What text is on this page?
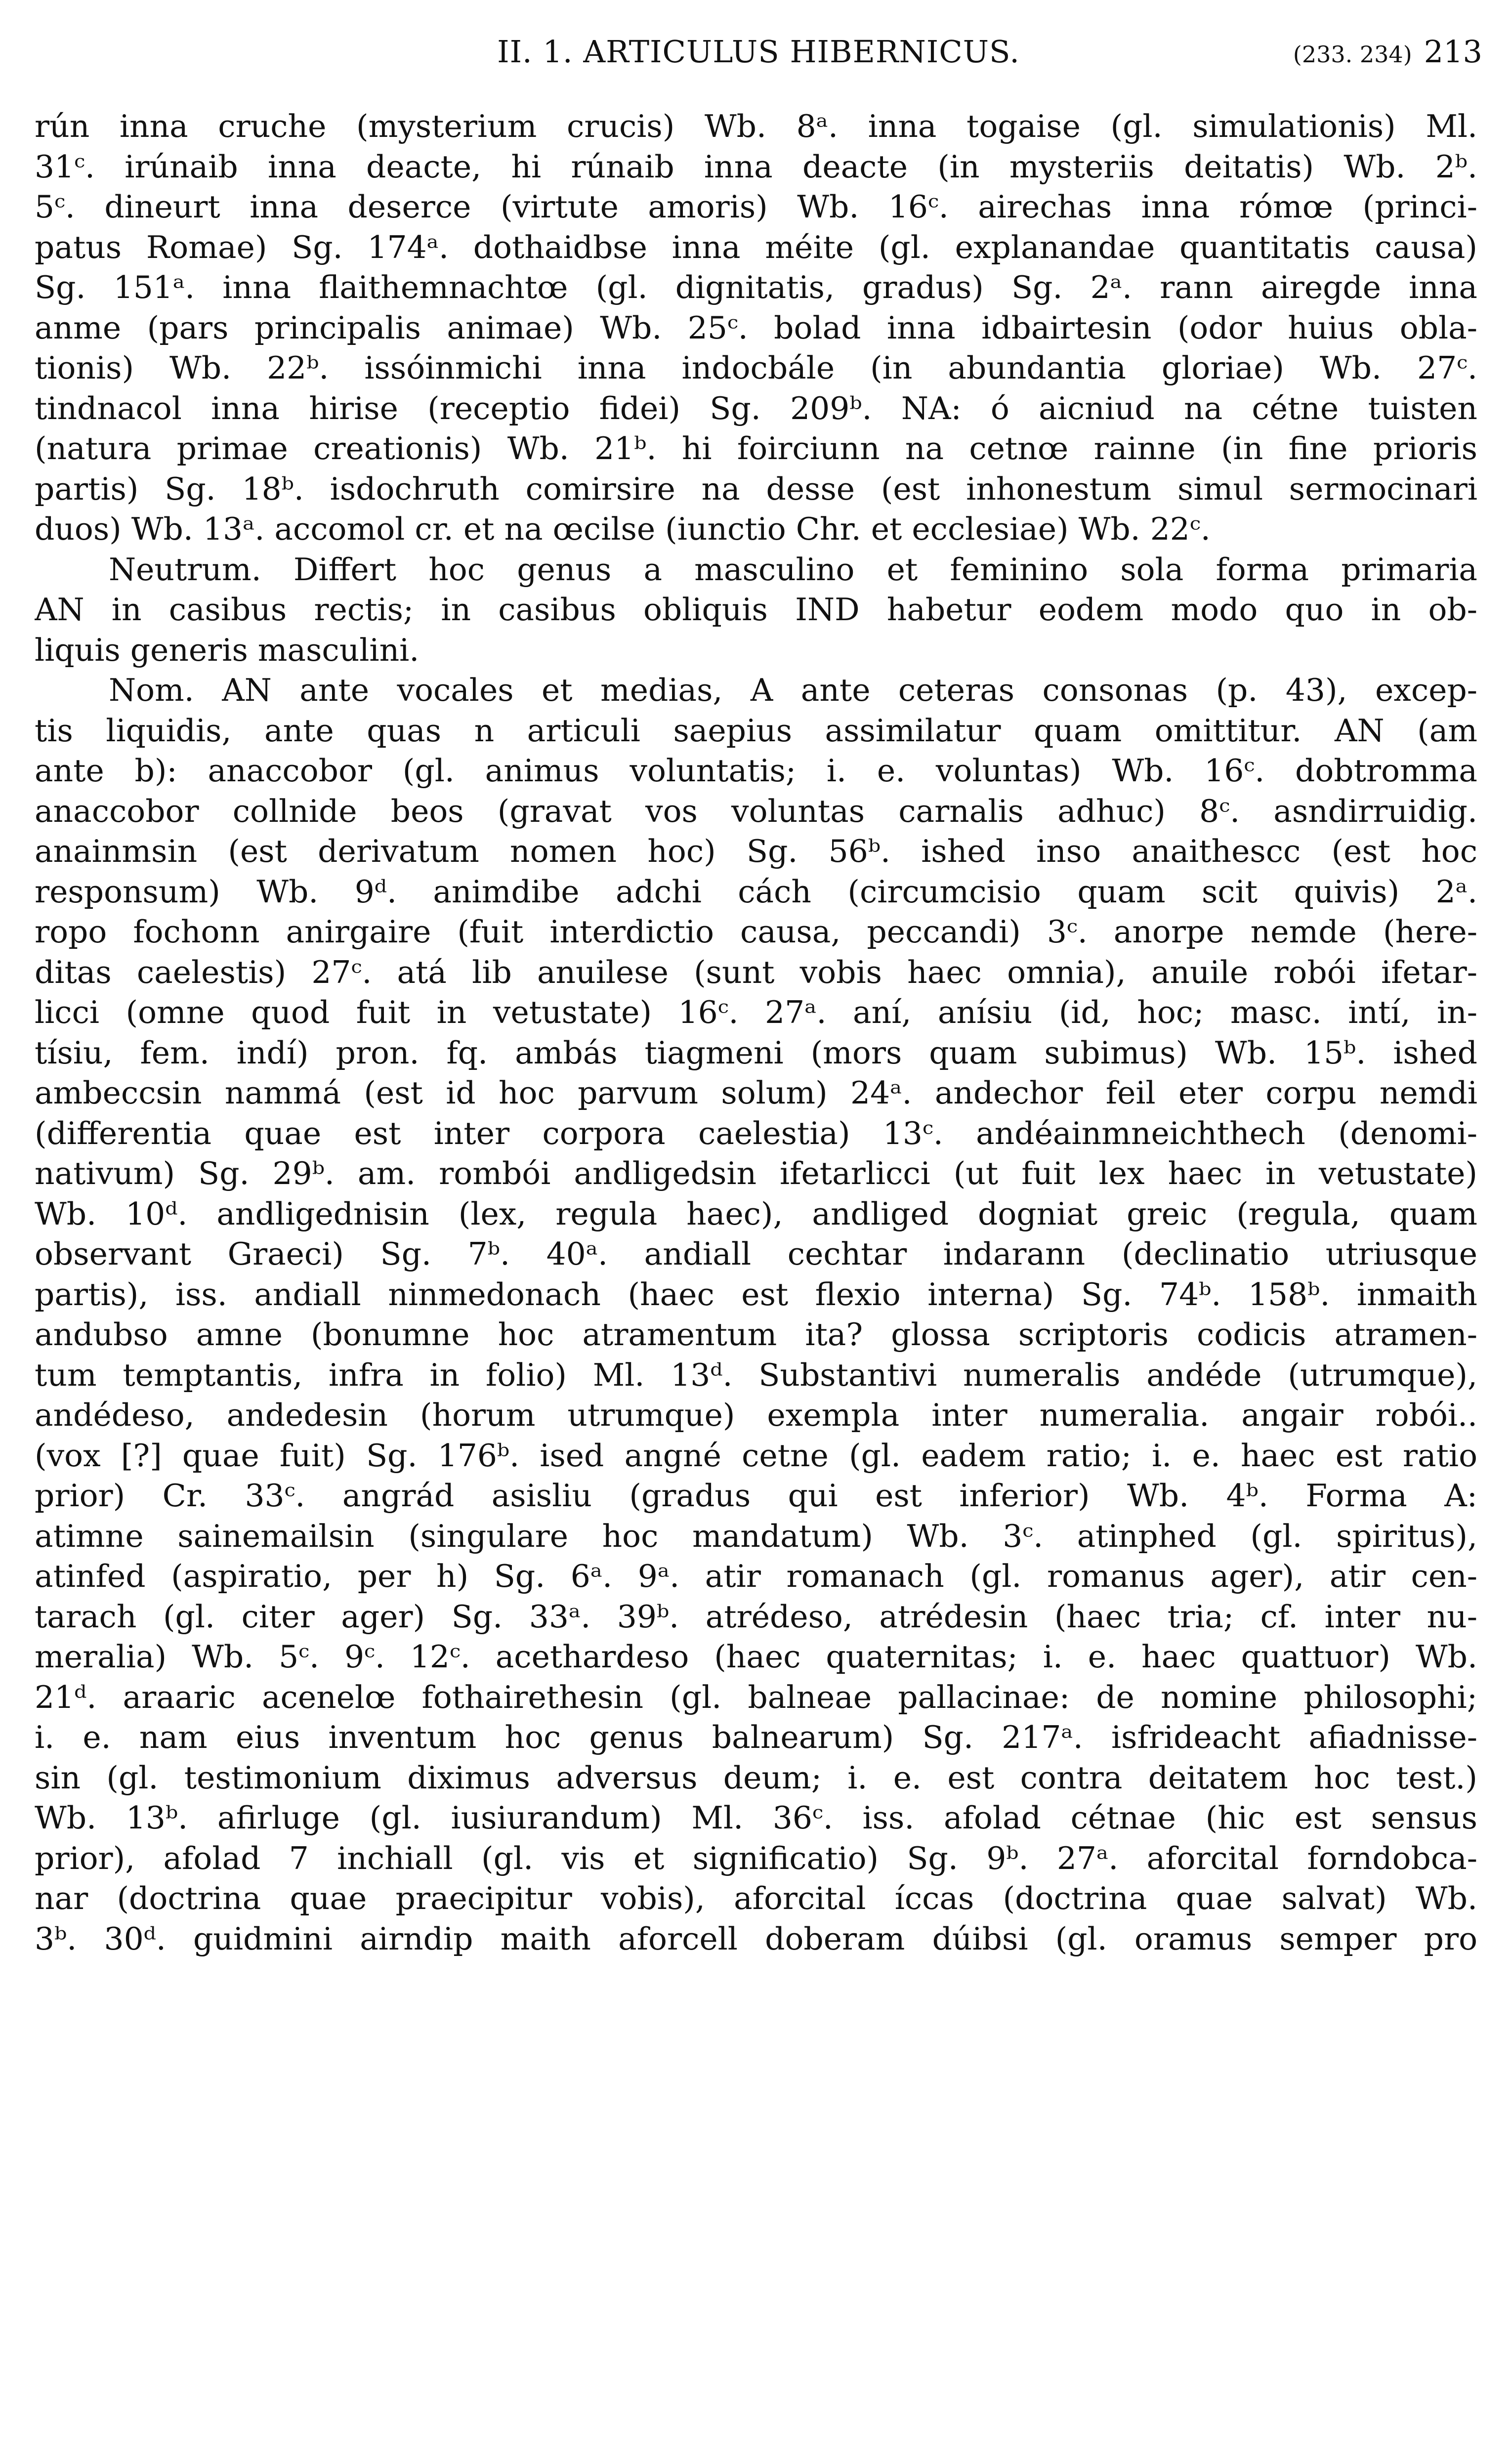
II. 1. ARTICULUS HIBERNICUS.	(233. 234) 213
rún inna cruche (mysterium crucis) Wb. 8ᵃ. inna togaise (gl. simulationis) Ml.
31ᶜ. irúnaib inna deacte, hi rúnaib inna deacte (in mysteriis deitatis) Wb. 2ᵇ.
5ᶜ. dineurt inna deserce (virtute amoris) Wb. 16ᶜ. airechas inna rómœ (princi-
patus Romae) Sg. 174ᵃ. dothaidbse inna méite (gl. explanandae quantitatis causa)
Sg. 151ᵃ. inna flaithemnachtœ (gl. dignitatis, gradus) Sg. 2ᵃ. rann airegde inna
anme (pars principalis animae) Wb. 25ᶜ. bolad inna idbairtesin (odor huius obla-
tionis) Wb. 22ᵇ. issóinmichi inna indocbále (in abundantia gloriae) Wb. 27ᶜ.
tindnacol inna hirise (receptio fidei) Sg. 209ᵇ. NA: ó aicniud na cétne tuisten
(natura primae creationis) Wb. 21ᵇ. hi foirciunn na cetnœ rainne (in fine prioris
partis) Sg. 18ᵇ. isdochruth comirsire na desse (est inhonestum simul sermocinari
duos) Wb. 13ᵃ. accomol cr. et na œcilse (iunctio Chr. et ecclesiae) Wb. 22ᶜ.
Neutrum. Differt hoc genus a masculino et feminino sola forma primaria
AN in casibus rectis; in casibus obliquis IND habetur eodem modo quo in ob-
liquis generis masculini.
Nom. AN ante vocales et medias, A ante ceteras consonas (p. 43), excep-
tis liquidis, ante quas n articuli saepius assimilatur quam omittitur. AN (am
ante b): anaccobor (gl. animus voluntatis; i. e. voluntas) Wb. 16ᶜ. dobtromma
anaccobor collnide beos (gravat vos voluntas carnalis adhuc) 8ᶜ. asndirruidig.
anainmsin (est derivatum nomen hoc) Sg. 56ᵇ. ished inso anaithescc (est hoc
responsum) Wb. 9ᵈ. animdibe adchi cách (circumcisio quam scit quivis) 2ᵃ.
ropo fochonn anirgaire (fuit interdictio causa, peccandi) 3ᶜ. anorpe nemde (here-
ditas caelestis) 27ᶜ. atá lib anuilese (sunt vobis haec omnia), anuile robói ifetar-
licci (omne quod fuit in vetustate) 16ᶜ. 27ᵃ. aní, anísiu (id, hoc; masc. intí, in-
tísiu, fem. indí) pron. fq. ambás tiagmeni (mors quam subimus) Wb. 15ᵇ. ished
ambeccsin nammá (est id hoc parvum solum) 24ᵃ. andechor feil eter corpu nemdi
(differentia quae est inter corpora caelestia) 13ᶜ. andéainmneichthech (denomi-
nativum) Sg. 29ᵇ. am. rombói andligedsin ifetarlicci (ut fuit lex haec in vetustate)
Wb. 10ᵈ. andligednisin (lex, regula haec), andliged dogniat greic (regula, quam
observant Graeci) Sg. 7ᵇ. 40ᵃ. andiall cechtar indarann (declinatio utriusque
partis), iss. andiall ninmedonach (haec est flexio interna) Sg. 74ᵇ. 158ᵇ. inmaith
andubso amne (bonumne hoc atramentum ita? glossa scriptoris codicis atramen-
tum temptantis, infra in folio) Ml. 13ᵈ. Substantivi numeralis andéde (utrumque),
andédeso, andedesin (horum utrumque) exempla inter numeralia. angair robói..
(vox [?] quae fuit) Sg. 176ᵇ. ised angné cetne (gl. eadem ratio; i. e. haec est ratio
prior) Cr. 33ᶜ. angrád asisliu (gradus qui est inferior) Wb. 4ᵇ. Forma A:
atimne sainemailsin (singulare hoc mandatum) Wb. 3ᶜ. atinphed (gl. spiritus),
atinfed (aspiratio, per h) Sg. 6ᵃ. 9ᵃ. atir romanach (gl. romanus ager), atir cen-
tarach (gl. citer ager) Sg. 33ᵃ. 39ᵇ. atrédeso, atrédesin (haec tria; cf. inter nu-
meralia) Wb. 5ᶜ. 9ᶜ. 12ᶜ. acethardeso (haec quaternitas; i. e. haec quattuor) Wb.
21ᵈ. araaric acenelœ fothairethesin (gl. balneae pallacinae: de nomine philosophi;
i. e. nam eius inventum hoc genus balnearum) Sg. 217ᵃ. isfrideacht afiadnisse-
sin (gl. testimonium diximus adversus deum; i. e. est contra deitatem hoc test.)
Wb. 13ᵇ. afirluge (gl. iusiurandum) Ml. 36ᶜ. iss. afolad cétnae (hic est sensus
prior), afolad 7 inchiall (gl. vis et significatio) Sg. 9ᵇ. 27ᵃ. aforcital forndobca-
nar (doctrina quae praecipitur vobis), aforcital íccas (doctrina quae salvat) Wb.
3ᵇ. 30ᵈ. guidmini airndip maith aforcell doberam dúibsi (gl. oramus semper pro
